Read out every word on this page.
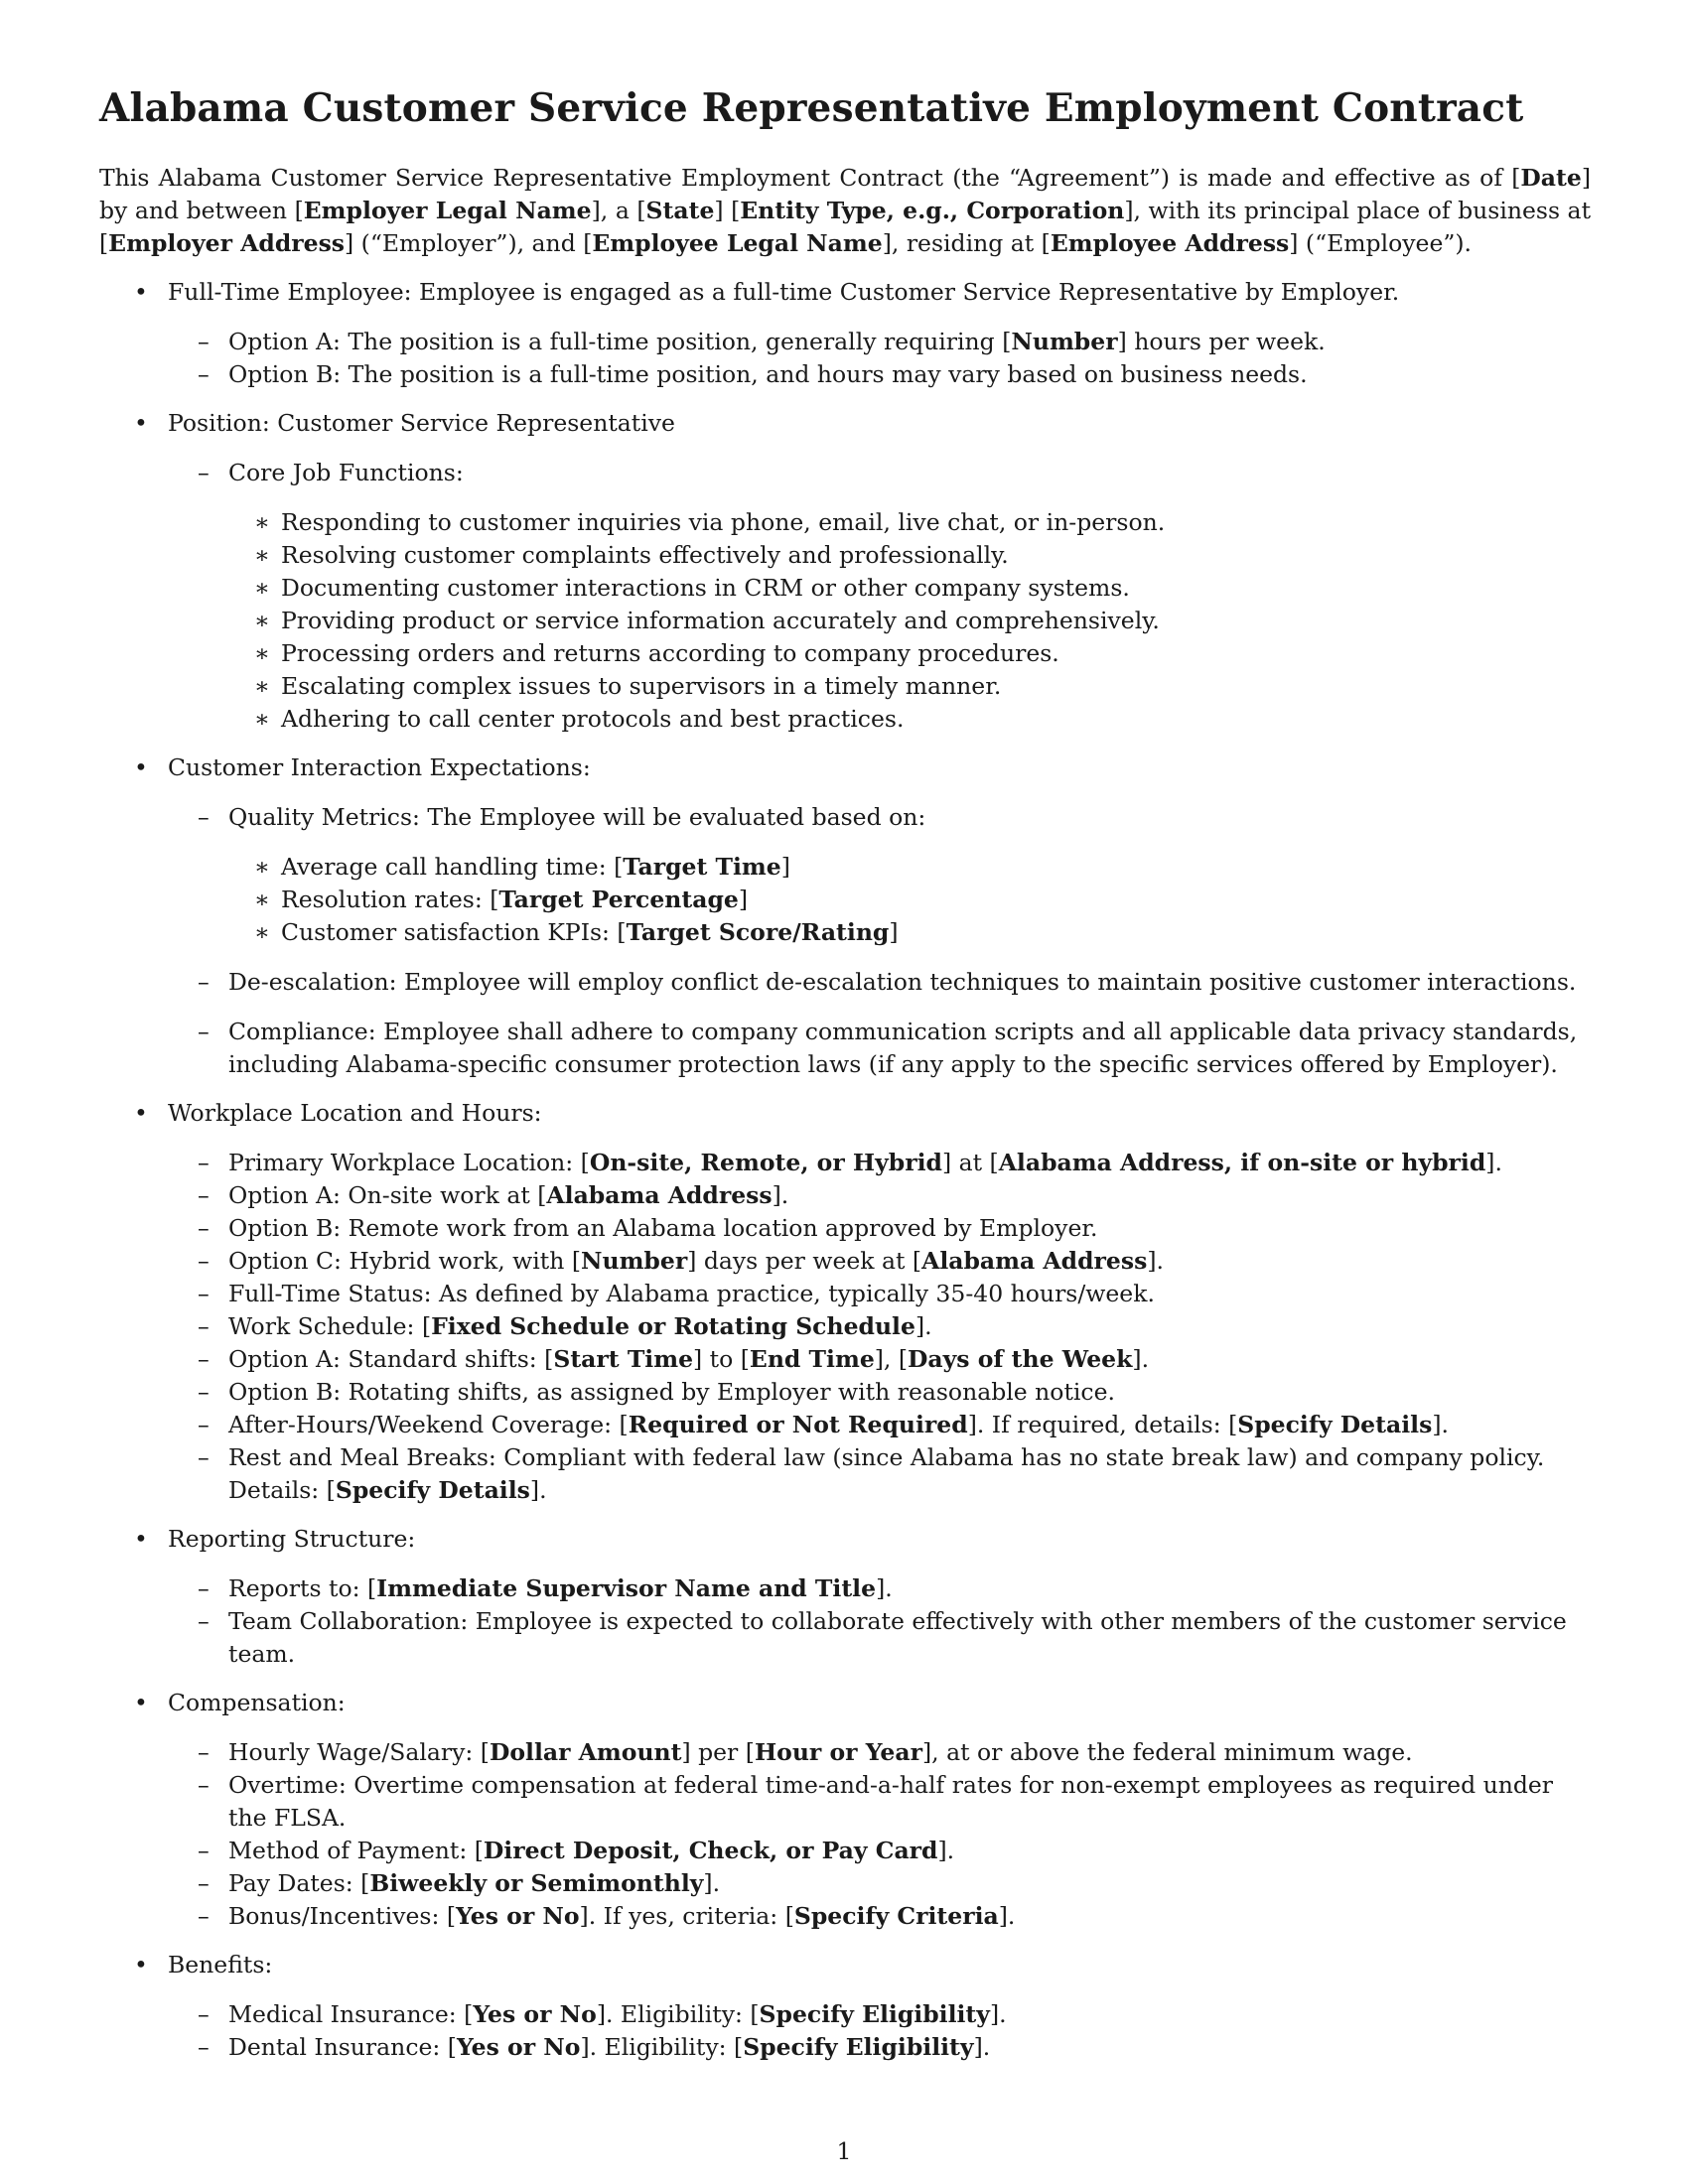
Alabama Customer Service Representative Employment Contract

This Alabama Customer Service Representative Employment Contract (the “Agreement”) is made and effective as of [Date] by and between [Employer Legal Name], a [State] [Entity Type, e.g., Corporation], with its principal place of business at [Employer Address] (“Employer”), and [Employee Legal Name], residing at [Employee Address] (“Employee”).

• Full-Time Employee: Employee is engaged as a full-time Customer Service Representative by Employer.
– Option A: The position is a full-time position, generally requiring [Number] hours per week.
– Option B: The position is a full-time position, and hours may vary based on business needs.
• Position: Customer Service Representative
– Core Job Functions:
∗ Responding to customer inquiries via phone, email, live chat, or in-person.
∗ Resolving customer complaints effectively and professionally.
∗ Documenting customer interactions in CRM or other company systems.
∗ Providing product or service information accurately and comprehensively.
∗ Processing orders and returns according to company procedures.
∗ Escalating complex issues to supervisors in a timely manner.
∗ Adhering to call center protocols and best practices.
• Customer Interaction Expectations:
– Quality Metrics: The Employee will be evaluated based on:
∗ Average call handling time: [Target Time]
∗ Resolution rates: [Target Percentage]
∗ Customer satisfaction KPIs: [Target Score/Rating]
– De-escalation: Employee will employ conflict de-escalation techniques to maintain positive customer interactions.
– Compliance: Employee shall adhere to company communication scripts and all applicable data privacy standards, including Alabama-specific consumer protection laws (if any apply to the specific services offered by Employer).
• Workplace Location and Hours:
– Primary Workplace Location: [On-site, Remote, or Hybrid] at [Alabama Address, if on-site or hybrid].
– Option A: On-site work at [Alabama Address].
– Option B: Remote work from an Alabama location approved by Employer.
– Option C: Hybrid work, with [Number] days per week at [Alabama Address].
– Full-Time Status: As defined by Alabama practice, typically 35-40 hours/week.
– Work Schedule: [Fixed Schedule or Rotating Schedule].
– Option A: Standard shifts: [Start Time] to [End Time], [Days of the Week].
– Option B: Rotating shifts, as assigned by Employer with reasonable notice.
– After-Hours/Weekend Coverage: [Required or Not Required]. If required, details: [Specify Details].
– Rest and Meal Breaks: Compliant with federal law (since Alabama has no state break law) and company policy. Details: [Specify Details].
• Reporting Structure:
– Reports to: [Immediate Supervisor Name and Title].
– Team Collaboration: Employee is expected to collaborate effectively with other members of the customer service team.
• Compensation:
– Hourly Wage/Salary: [Dollar Amount] per [Hour or Year], at or above the federal minimum wage.
– Overtime: Overtime compensation at federal time-and-a-half rates for non-exempt employees as required under the FLSA.
– Method of Payment: [Direct Deposit, Check, or Pay Card].
– Pay Dates: [Biweekly or Semimonthly].
– Bonus/Incentives: [Yes or No]. If yes, criteria: [Specify Criteria].
• Benefits:
– Medical Insurance: [Yes or No]. Eligibility: [Specify Eligibility].
– Dental Insurance: [Yes or No]. Eligibility: [Specify Eligibility].
1
